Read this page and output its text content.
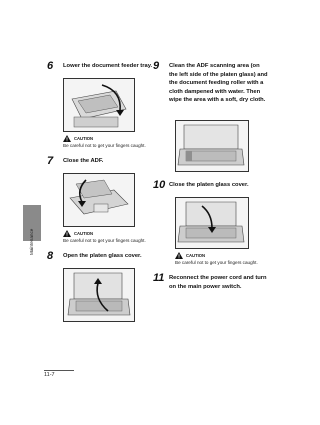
Maintenance
6 Lower the document feeder tray.
CAUTION
Be careful not to get your fingers caught.
7 Close the ADF.
CAUTION
Be careful not to get your fingers caught.
8 Open the platen glass cover.
9 Clean the ADF scanning area (on the left side of the platen glass) and the document feeding roller with a cloth dampened with water. Then wipe the area with a soft, dry cloth.
10 Close the platen glass cover.
CAUTION
Be careful not to get your fingers caught.
11 Reconnect the power cord and turn on the main power switch.
11-7
